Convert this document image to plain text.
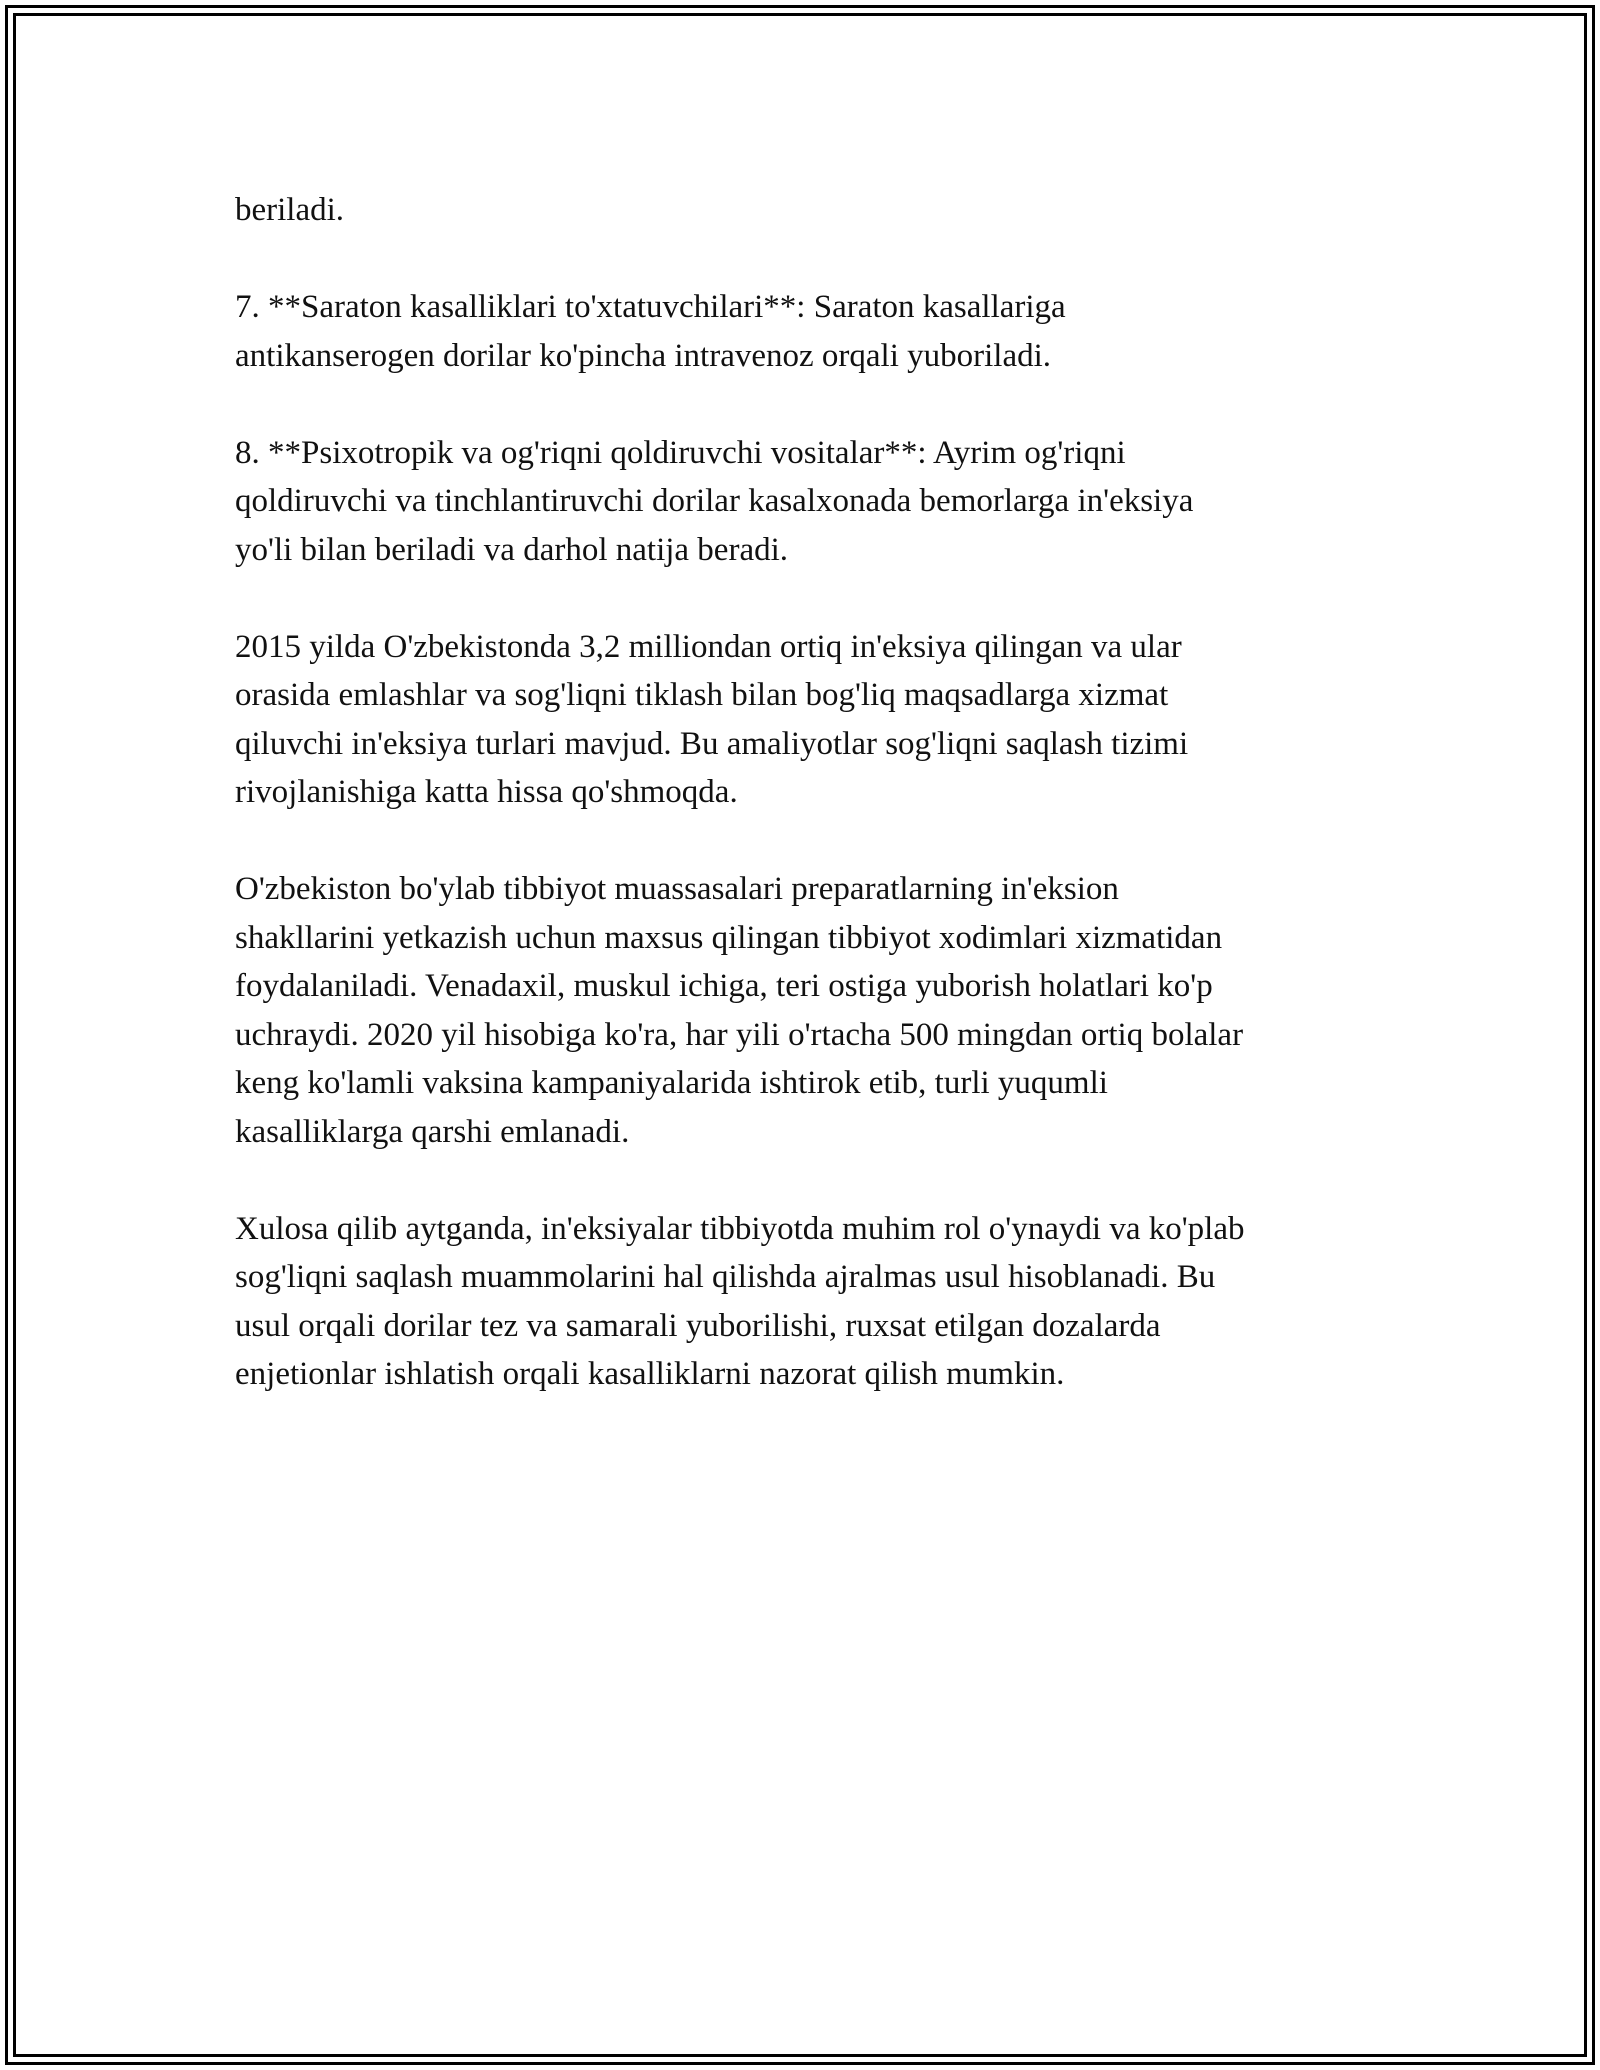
beriladi.

7. **Saraton kasalliklari to'xtatuvchilari**: Saraton kasallariga
antikanserogen dorilar ko'pincha intravenoz orqali yuboriladi.

8. **Psixotropik va og'riqni qoldiruvchi vositalar**: Ayrim og'riqni
qoldiruvchi va tinchlantiruvchi dorilar kasalxonada bemorlarga in'eksiya
yo'li bilan beriladi va darhol natija beradi.

2015 yilda O'zbekistonda 3,2 milliondan ortiq in'eksiya qilingan va ular
orasida emlashlar va sog'liqni tiklash bilan bog'liq maqsadlarga xizmat
qiluvchi in'eksiya turlari mavjud. Bu amaliyotlar sog'liqni saqlash tizimi
rivojlanishiga katta hissa qo'shmoqda.

O'zbekiston bo'ylab tibbiyot muassasalari preparatlarning in'eksion
shakllarini yetkazish uchun maxsus qilingan tibbiyot xodimlari xizmatidan
foydalaniladi. Venadaxil, muskul ichiga, teri ostiga yuborish holatlari ko'p
uchraydi. 2020 yil hisobiga ko'ra, har yili o'rtacha 500 mingdan ortiq bolalar
keng ko'lamli vaksina kampaniyalarida ishtirok etib, turli yuqumli
kasalliklarga qarshi emlanadi.

Xulosa qilib aytganda, in'eksiyalar tibbiyotda muhim rol o'ynaydi va ko'plab
sog'liqni saqlash muammolarini hal qilishda ajralmas usul hisoblanadi. Bu
usul orqali dorilar tez va samarali yuborilishi, ruxsat etilgan dozalarda
enjetionlar ishlatish orqali kasalliklarni nazorat qilish mumkin.
